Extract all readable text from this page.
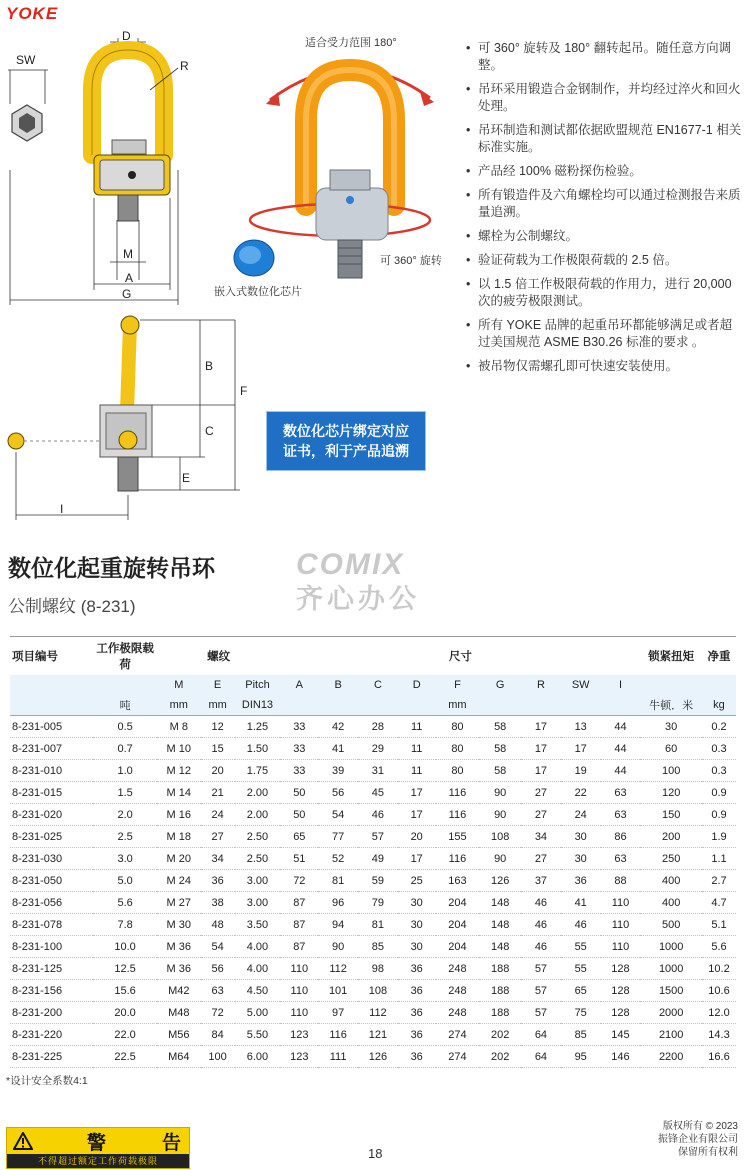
YOKE
D
R
SW
M
A
G
适合受力范围 180°
可 360° 旋转
嵌入式数位化芯片
B
C
F
E
I
• 可 360° 旋转及 180° 翻转起吊。随任意方向调整。
• 吊环采用锻造合金钢制作，并均经过淬火和回火处理。
• 吊环制造和测试都依据欧盟规范 EN1677-1 相关标准实施。
• 产品经 100% 磁粉探伤检验。
• 所有锻造件及六角螺栓均可以通过检测报告来质量追溯。
• 螺栓为公制螺纹。
• 验证荷载为工作极限荷载的 2.5 倍。
• 以 1.5 倍工作极限荷载的作用力，进行 20,000 次的疲劳极限测试。
• 所有 YOKE 品牌的起重吊环都能够满足或者超过美国规范 ASME B30.26 标准的要求 。
• 被吊物仅需螺孔即可快速安装使用。
数位化芯片绑定对应证书，利于产品追溯
数位化起重旋转吊环
公制螺纹 (8-231)
COMIX
齐心办公
项目编号	工作极限载荷	螺纹			尺寸									锁紧扭矩	净重
		M	E	Pitch	A	B	C	D	F	G	R	SW	I		
	吨	mm	mm	DIN13					mm					牛顿．米	kg
8-231-005	0.5	M 8	12	1.25	33	42	28	11	80	58	17	13	44	30	0.2
8-231-007	0.7	M 10	15	1.50	33	41	29	11	80	58	17	17	44	60	0.3
8-231-010	1.0	M 12	20	1.75	33	39	31	11	80	58	17	19	44	100	0.3
8-231-015	1.5	M 14	21	2.00	50	56	45	17	116	90	27	22	63	120	0.9
8-231-020	2.0	M 16	24	2.00	50	54	46	17	116	90	27	24	63	150	0.9
8-231-025	2.5	M 18	27	2.50	65	77	57	20	155	108	34	30	86	200	1.9
8-231-030	3.0	M 20	34	2.50	51	52	49	17	116	90	27	30	63	250	1.1
8-231-050	5.0	M 24	36	3.00	72	81	59	25	163	126	37	36	88	400	2.7
8-231-056	5.6	M 27	38	3.00	87	96	79	30	204	148	46	41	110	400	4.7
8-231-078	7.8	M 30	48	3.50	87	94	81	30	204	148	46	46	110	500	5.1
8-231-100	10.0	M 36	54	4.00	87	90	85	30	204	148	46	55	110	1000	5.6
8-231-125	12.5	M 36	56	4.00	110	112	98	36	248	188	57	55	128	1000	10.2
8-231-156	15.6	M42	63	4.50	110	101	108	36	248	188	57	65	128	1500	10.6
8-231-200	20.0	M48	72	5.00	110	97	112	36	248	188	57	75	128	2000	12.0
8-231-220	22.0	M56	84	5.50	123	116	121	36	274	202	64	85	145	2100	14.3
8-231-225	22.5	M64	100	6.00	123	111	126	36	274	202	64	95	146	2200	16.6
*设计安全系数4:1
警	告
不得超过额定工作荷载极限	18
版权所有 © 2023
振锋企业有限公司
保留所有权利
